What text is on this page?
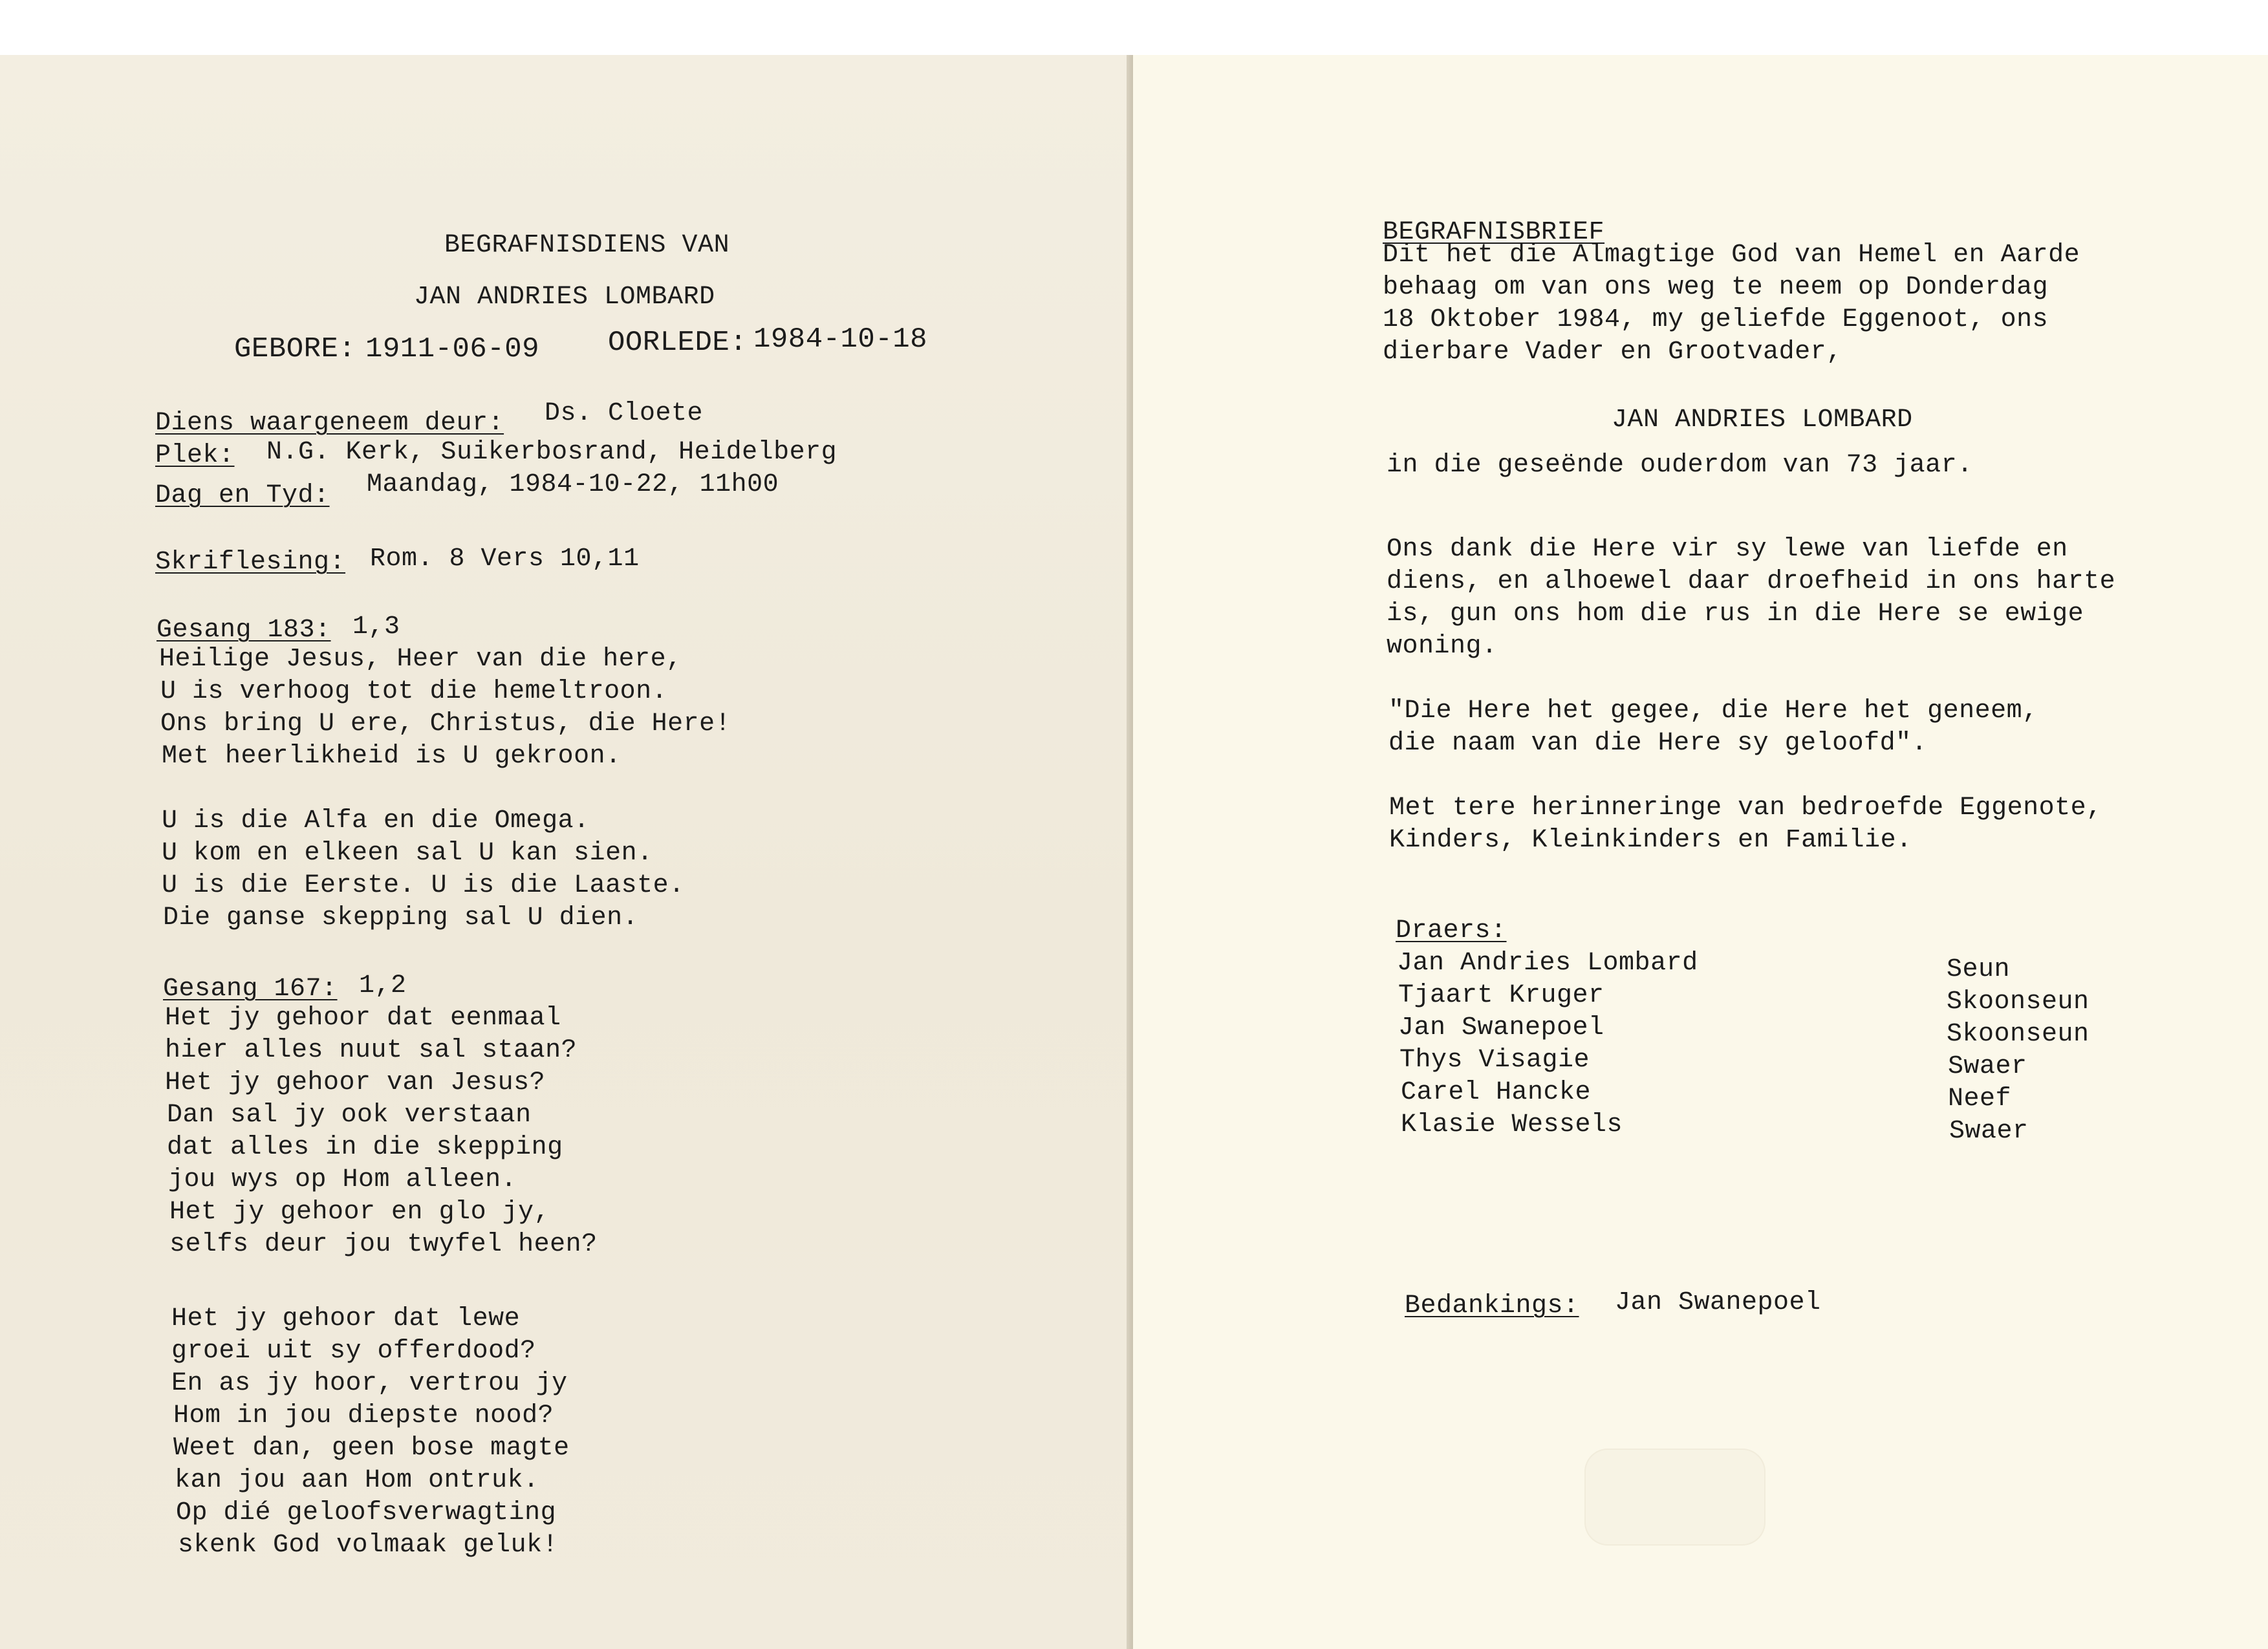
BEGRAFNISDIENS VAN
JAN ANDRIES LOMBARD
GEBORE: 1911-06-09 OORLEDE: 1984-10-18
Diens waargeneem deur: Ds. Cloete
Plek: N.G. Kerk, Suikerbosrand, Heidelberg
Dag en Tyd: Maandag, 1984-10-22, 11h00
Skriflesing: Rom. 8 Vers 10,11
Gesang 183: 1,3
Heilige Jesus, Heer van die here,
U is verhoog tot die hemeltroon.
Ons bring U ere, Christus, die Here!
Met heerlikheid is U gekroon.
U is die Alfa en die Omega.
U kom en elkeen sal U kan sien.
U is die Eerste. U is die Laaste.
Die ganse skepping sal U dien.
Gesang 167: 1,2
Het jy gehoor dat eenmaal
hier alles nuut sal staan?
Het jy gehoor van Jesus?
Dan sal jy ook verstaan
dat alles in die skepping
jou wys op Hom alleen.
Het jy gehoor en glo jy,
selfs deur jou twyfel heen?
Het jy gehoor dat lewe
groei uit sy offerdood?
En as jy hoor, vertrou jy
Hom in jou diepste nood?
Weet dan, geen bose magte
kan jou aan Hom ontruk.
Op dié geloofsverwagting
skenk God volmaak geluk!
BEGRAFNISBRIEF
Dit het die Almagtige God van Hemel en Aarde
behaag om van ons weg te neem op Donderdag
18 Oktober 1984, my geliefde Eggenoot, ons
dierbare Vader en Grootvader,
JAN ANDRIES LOMBARD
in die geseënde ouderdom van 73 jaar.
Ons dank die Here vir sy lewe van liefde en
diens, en alhoewel daar droefheid in ons harte
is, gun ons hom die rus in die Here se ewige
woning.
"Die Here het gegee, die Here het geneem,
die naam van die Here sy geloofd".
Met tere herinneringe van bedroefde Eggenote,
Kinders, Kleinkinders en Familie.
Draers:
Jan Andries Lombard	Seun
Tjaart Kruger	Skoonseun
Jan Swanepoel	Skoonseun
Thys Visagie	Swaer
Carel Hancke	Neef
Klasie Wessels	Swaer
Bedankings: Jan Swanepoel
